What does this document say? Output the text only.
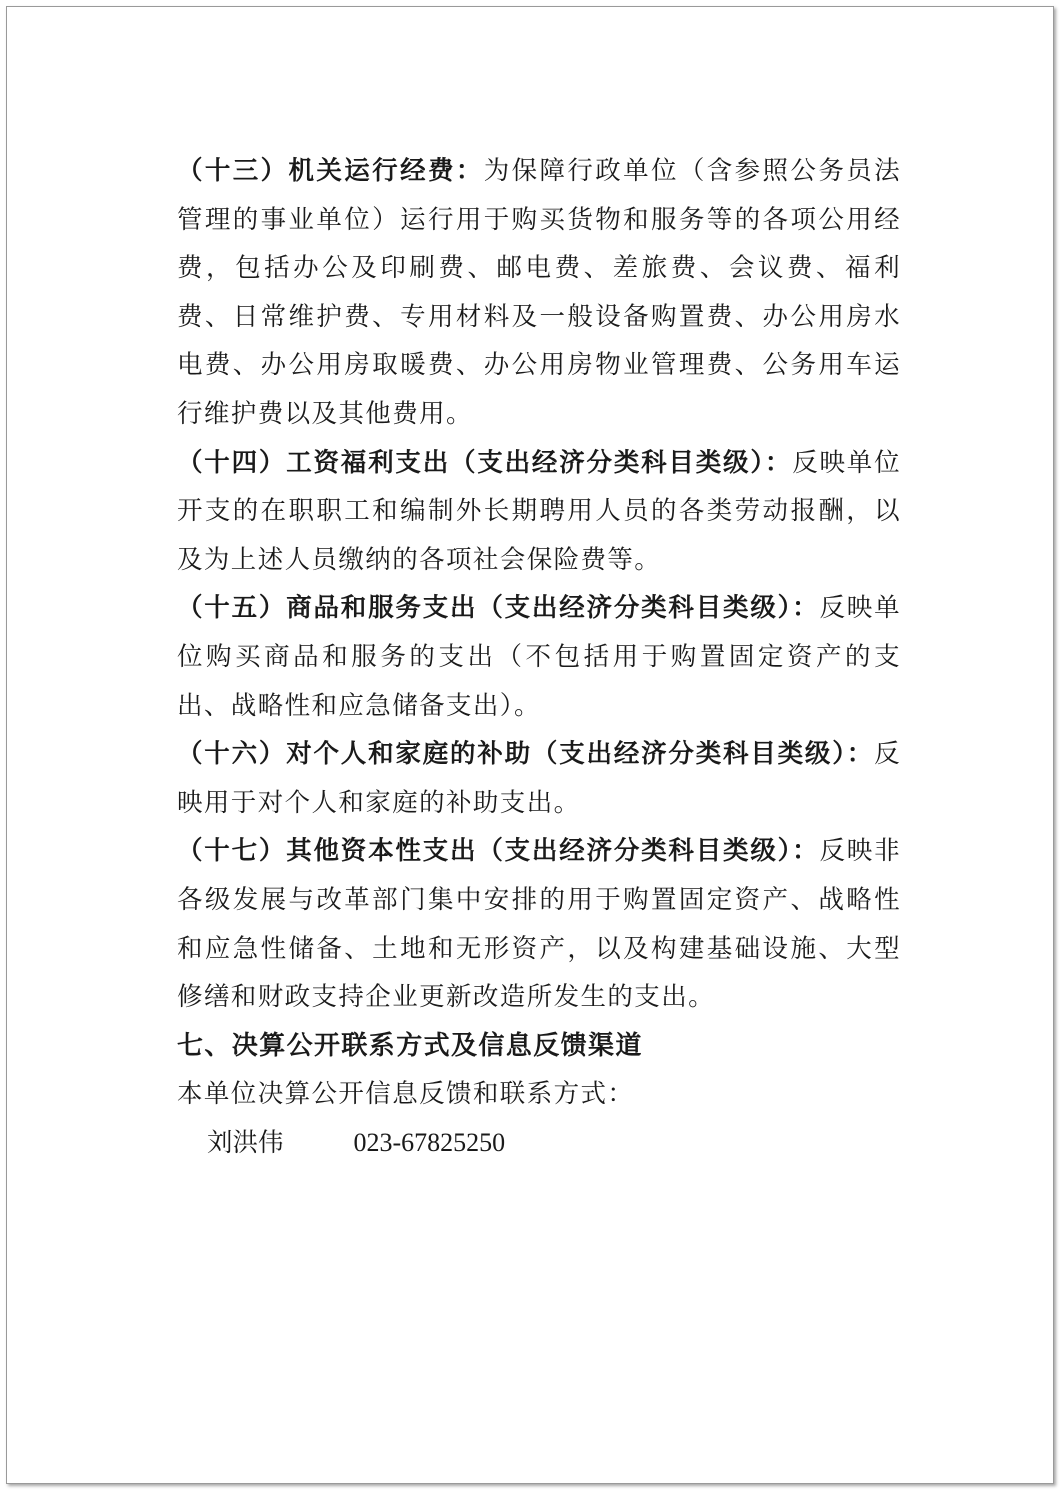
（十三）机关运行经费：为保障行政单位（含参照公务员法管理的事业单位）运行用于购买货物和服务等的各项公用经费，包括办公及印刷费、邮电费、差旅费、会议费、福利费、日常维护费、专用材料及一般设备购置费、办公用房水电费、办公用房取暖费、办公用房物业管理费、公务用车运行维护费以及其他费用。

（十四）工资福利支出（支出经济分类科目类级）：反映单位开支的在职职工和编制外长期聘用人员的各类劳动报酬，以及为上述人员缴纳的各项社会保险费等。

（十五）商品和服务支出（支出经济分类科目类级）：反映单位购买商品和服务的支出（不包括用于购置固定资产的支出、战略性和应急储备支出）。

（十六）对个人和家庭的补助（支出经济分类科目类级）：反映用于对个人和家庭的补助支出。

（十七）其他资本性支出（支出经济分类科目类级）：反映非各级发展与改革部门集中安排的用于购置固定资产、战略性和应急性储备、土地和无形资产，以及构建基础设施、大型修缮和财政支持企业更新改造所发生的支出。

七、决算公开联系方式及信息反馈渠道

本单位决算公开信息反馈和联系方式：

刘洪伟	023-67825250
